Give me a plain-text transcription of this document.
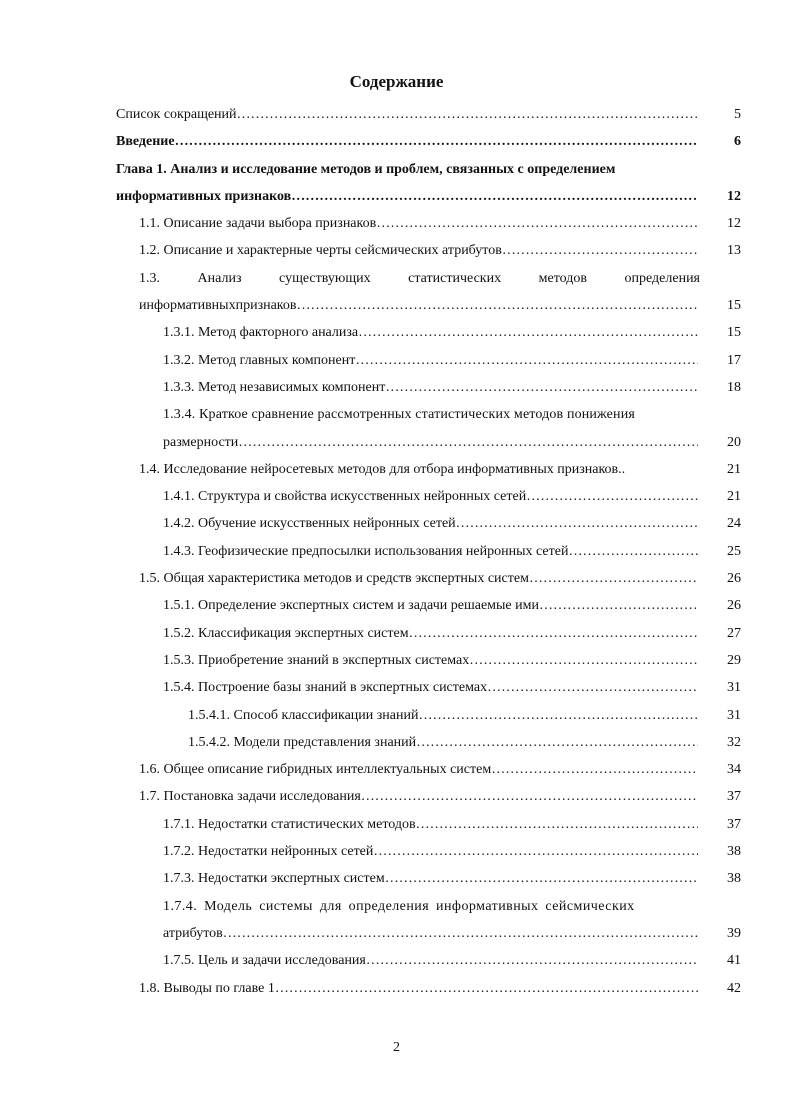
Содержание
Список сокращений ………………………………………………………………………………………………………………………………………………………………………………………………	5
Введение ………………………………………………………………………………………………………………………………………………………………………………………………	6
Глава 1. Анализ и исследование методов и проблем, связанных с определением
информативных признаков ………………………………………………………………………………………………………………………………………………………………………………………………	12
1.1. Описание задачи выбора признаков ………………………………………………………………………………………………………………………………………………………………………………………………	12
1.2. Описание и характерные черты сейсмических атрибутов ………………………………………………………………………………………………………………………………………………………………………………………………	13
1.3.	Анализ	существующих	статистических	методов	определения
информативныхпризнаков ………………………………………………………………………………………………………………………………………………………………………………………………	15
1.3.1. Метод факторного анализа ………………………………………………………………………………………………………………………………………………………………………………………………	15
1.3.2. Метод главных компонент ………………………………………………………………………………………………………………………………………………………………………………………………	17
1.3.3. Метод независимых компонент ………………………………………………………………………………………………………………………………………………………………………………………………	18
1.3.4. Краткое сравнение рассмотренных статистических методов понижения
размерности ………………………………………………………………………………………………………………………………………………………………………………………………	20
1.4. Исследование нейросетевых методов для отбора информативных признаков..	21
1.4.1. Структура и свойства искусственных нейронных сетей ………………………………………………………………………………………………………………………………………………………………………………………………	21
1.4.2. Обучение искусственных нейронных сетей ………………………………………………………………………………………………………………………………………………………………………………………………	24
1.4.3. Геофизические предпосылки использования нейронных сетей ………………………………………………………………………………………………………………………………………………………………………………………………	25
1.5. Общая характеристика методов и средств экспертных систем ………………………………………………………………………………………………………………………………………………………………………………………………	26
1.5.1. Определение экспертных систем и задачи решаемые ими ………………………………………………………………………………………………………………………………………………………………………………………………	26
1.5.2. Классификация экспертных систем ………………………………………………………………………………………………………………………………………………………………………………………………	27
1.5.3. Приобретение знаний в экспертных системах ………………………………………………………………………………………………………………………………………………………………………………………………	29
1.5.4. Построение базы знаний в экспертных системах ………………………………………………………………………………………………………………………………………………………………………………………………	31
1.5.4.1. Способ классификации знаний ………………………………………………………………………………………………………………………………………………………………………………………………	31
1.5.4.2. Модели представления знаний ………………………………………………………………………………………………………………………………………………………………………………………………	32
1.6. Общее описание гибридных интеллектуальных систем ………………………………………………………………………………………………………………………………………………………………………………………………	34
1.7. Постановка задачи исследования ………………………………………………………………………………………………………………………………………………………………………………………………	37
1.7.1. Недостатки статистических методов ………………………………………………………………………………………………………………………………………………………………………………………………	37
1.7.2. Недостатки нейронных сетей ………………………………………………………………………………………………………………………………………………………………………………………………	38
1.7.3. Недостатки экспертных систем ………………………………………………………………………………………………………………………………………………………………………………………………	38
1.7.4. Модель системы для определения информативных сейсмических
атрибутов ………………………………………………………………………………………………………………………………………………………………………………………………	39
1.7.5. Цель и задачи исследования ………………………………………………………………………………………………………………………………………………………………………………………………	41
1.8. Выводы по главе 1 ………………………………………………………………………………………………………………………………………………………………………………………………	42
2
